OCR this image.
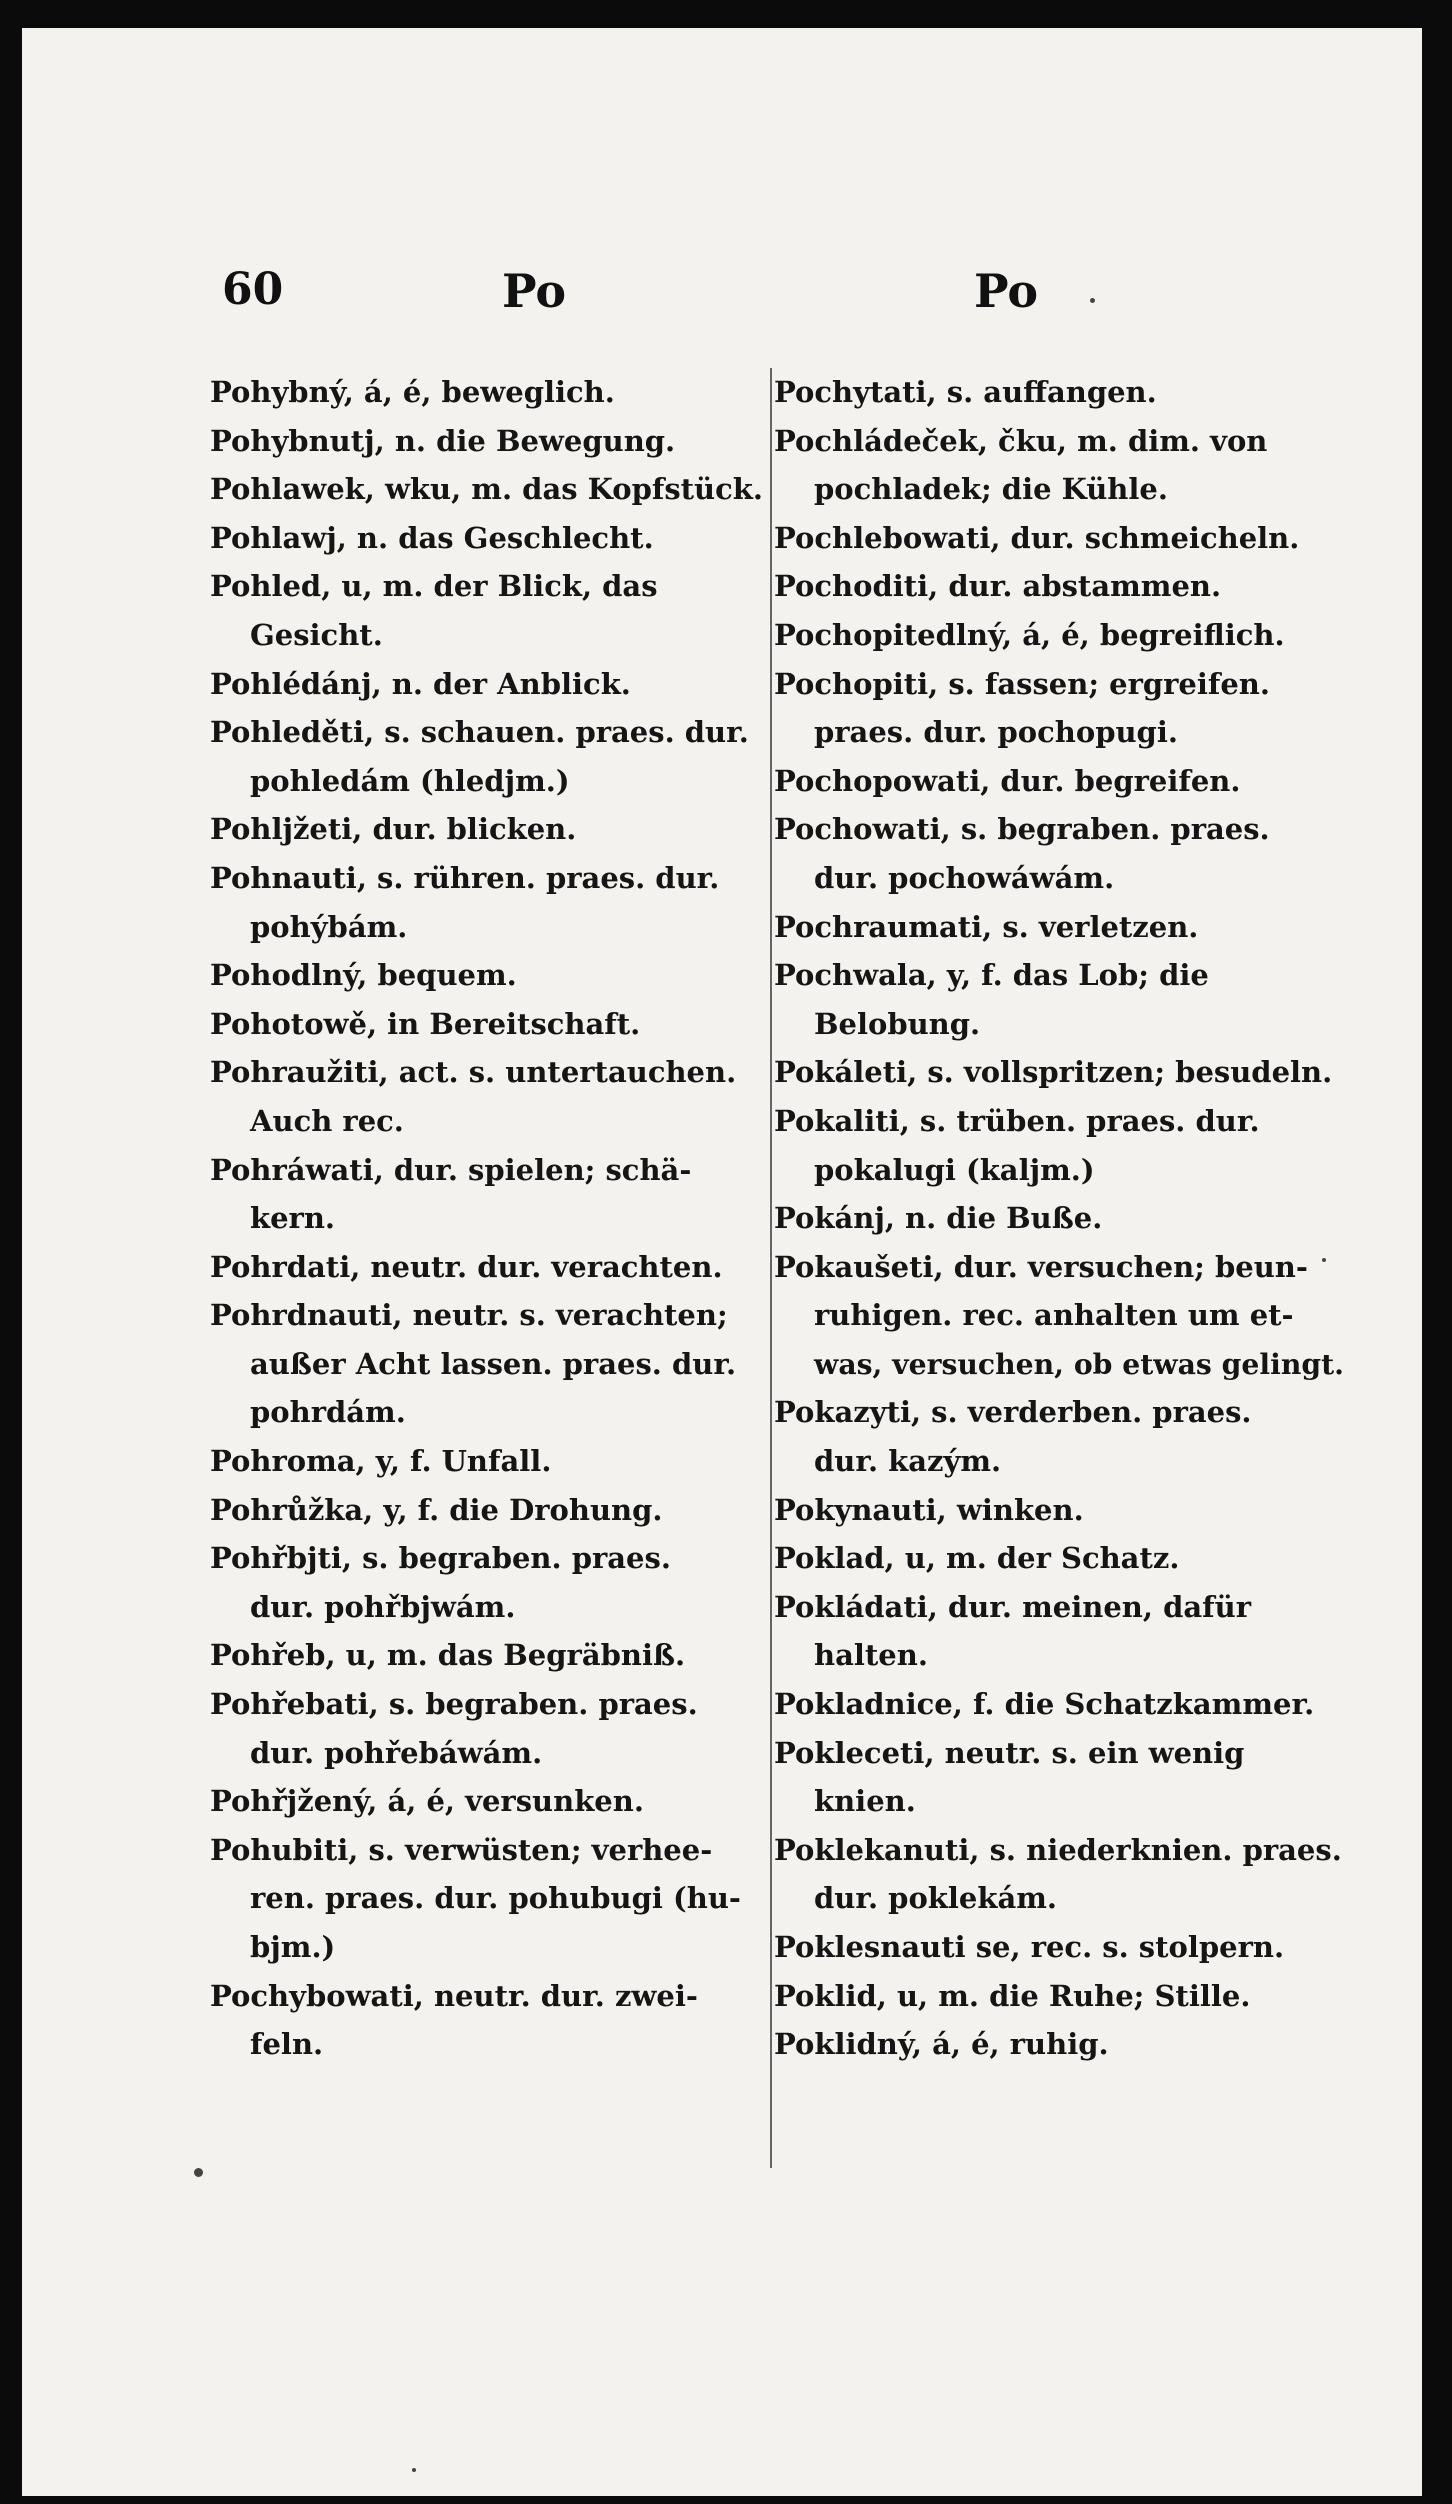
60	Po	Po
Pohybný, á, é, beweglich.
Pohybnutj, n. die Bewegung.
Pohlawek, wku, m. das Kopfstück.
Pohlawj, n. das Geschlecht.
Pohled, u, m. der Blick, das
Gesicht.
Pohlédánj, n. der Anblick.
Pohleděti, s. schauen. praes. dur.
pohledám (hledjm.)
Pohljžeti, dur. blicken.
Pohnauti, s. rühren. praes. dur.
pohýbám.
Pohodlný, bequem.
Pohotowě, in Bereitschaft.
Pohraužiti, act. s. untertauchen.
Auch rec.
Pohráwati, dur. spielen; schä-
kern.
Pohrdati, neutr. dur. verachten.
Pohrdnauti, neutr. s. verachten;
außer Acht lassen. praes. dur.
pohrdám.
Pohroma, y, f. Unfall.
Pohrůžka, y, f. die Drohung.
Pohřbjti, s. begraben. praes.
dur. pohřbjwám.
Pohřeb, u, m. das Begräbniß.
Pohřebati, s. begraben. praes.
dur. pohřebáwám.
Pohřjžený, á, é, versunken.
Pohubiti, s. verwüsten; verhee-
ren. praes. dur. pohubugi (hu-
bjm.)
Pochybowati, neutr. dur. zwei-
feln.
Pochytati, s. auffangen.
Pochládeček, čku, m. dim. von
pochladek; die Kühle.
Pochlebowati, dur. schmeicheln.
Pochoditi, dur. abstammen.
Pochopitedlný, á, é, begreiflich.
Pochopiti, s. fassen; ergreifen.
praes. dur. pochopugi.
Pochopowati, dur. begreifen.
Pochowati, s. begraben. praes.
dur. pochowáwám.
Pochraumati, s. verletzen.
Pochwala, y, f. das Lob; die
Belobung.
Pokáleti, s. vollspritzen; besudeln.
Pokaliti, s. trüben. praes. dur.
pokalugi (kaljm.)
Pokánj, n. die Buße.
Pokaušeti, dur. versuchen; beun-
ruhigen. rec. anhalten um et-
was, versuchen, ob etwas gelingt.
Pokazyti, s. verderben. praes.
dur. kazým.
Pokynauti, winken.
Poklad, u, m. der Schatz.
Pokládati, dur. meinen, dafür
halten.
Pokladnice, f. die Schatzkammer.
Pokleceti, neutr. s. ein wenig
knien.
Poklekanuti, s. niederknien. praes.
dur. poklekám.
Poklesnauti se, rec. s. stolpern.
Poklid, u, m. die Ruhe; Stille.
Poklidný, á, é, ruhig.
